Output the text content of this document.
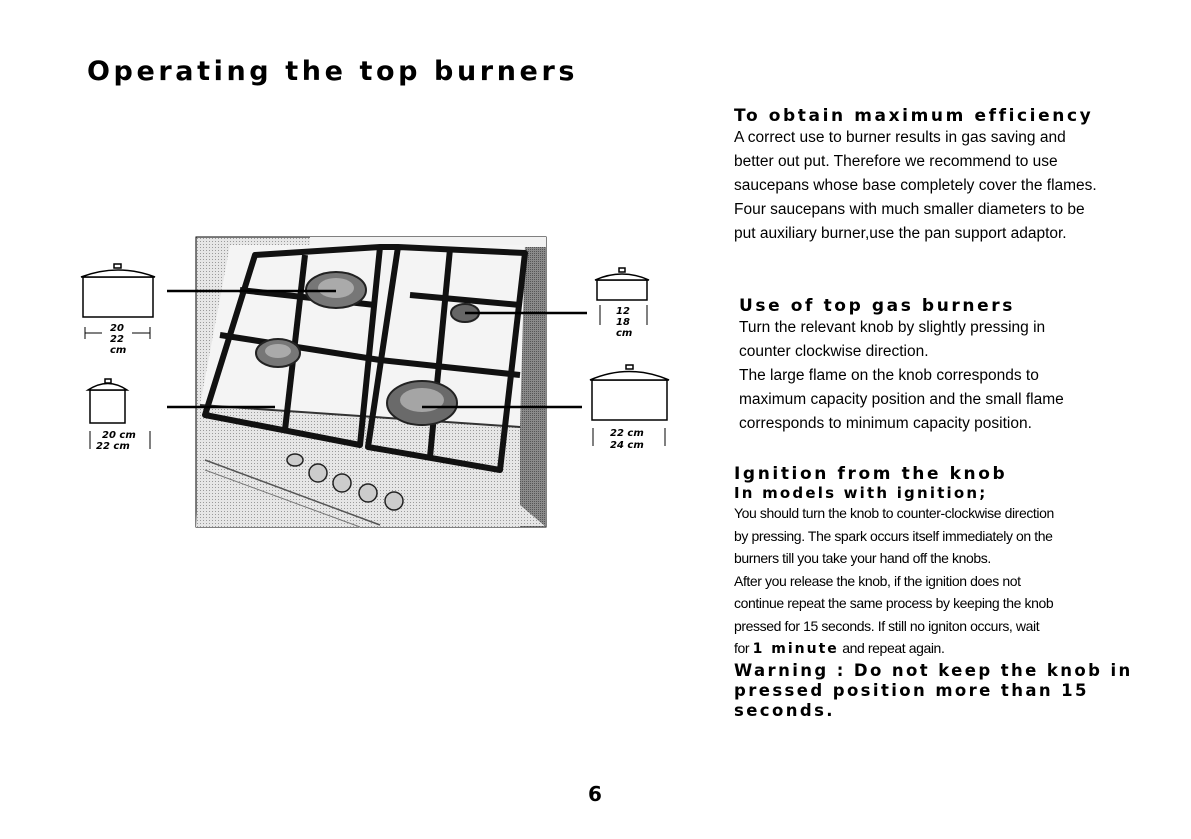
Operating the top burners
20
22
cm
20 cm
22 cm
12
18
cm
22 cm
24 cm

To obtain maximum efficiency

A correct use to burner results in gas saving and
better out put. Therefore we recommend to use
saucepans whose base completely cover the flames.
Four saucepans with much smaller diameters to be
put auxiliary burner,use the pan support adaptor.

Use of top gas burners

Turn the relevant knob by slightly pressing in
counter clockwise direction.
The large flame on the knob corresponds to
maximum capacity position and the small flame
corresponds to minimum capacity position.

Ignition from the knob

In models with ignition;

You should turn the knob to counter-clockwise direction
by pressing. The spark occurs itself immediately on the
burners till you take your hand off the knobs.
After you release the knob, if the ignition does not
continue repeat the same process by keeping the knob
pressed for 15 seconds. If still no igniton occurs, wait
for 1 minute and repeat again.

Warning : Do not keep the knob in
pressed position more than 15
seconds.

6
